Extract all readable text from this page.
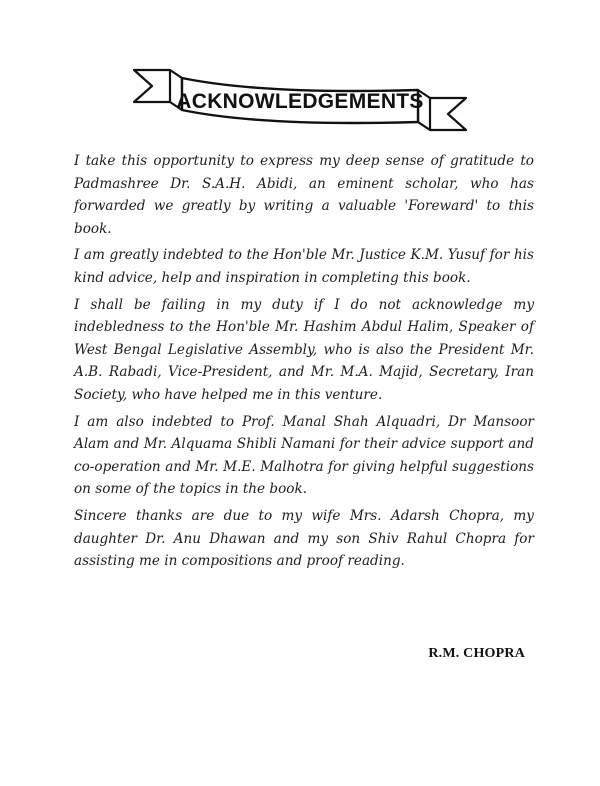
ACKNOWLEDGEMENTS

I take this opportunity to express my deep sense of gratitude to Padmashree Dr. S.A.H. Abidi, an eminent scholar, who has forwarded we greatly by writing a valuable 'Foreward' to this book.

I am greatly indebted to the Hon'ble Mr. Justice K.M. Yusuf for his kind advice, help and inspiration in completing this book.

I shall be failing in my duty if I do not acknowledge my indebledness to the Hon'ble Mr. Hashim Abdul Halim, Speaker of West Bengal Legislative Assembly, who is also the President Mr. A.B. Rabadi, Vice-President, and Mr. M.A. Majid, Secretary, Iran Society, who have helped me in this venture.

I am also indebted to Prof. Manal Shah Alquadri, Dr Mansoor Alam and Mr. Alquama Shibli Namani for their advice support and co-operation and Mr. M.E. Malhotra for giving helpful suggestions on some of the topics in the book.

Sincere thanks are due to my wife Mrs. Adarsh Chopra, my daughter Dr. Anu Dhawan and my son Shiv Rahul Chopra for assisting me in compositions and proof reading.

R.M. CHOPRA
